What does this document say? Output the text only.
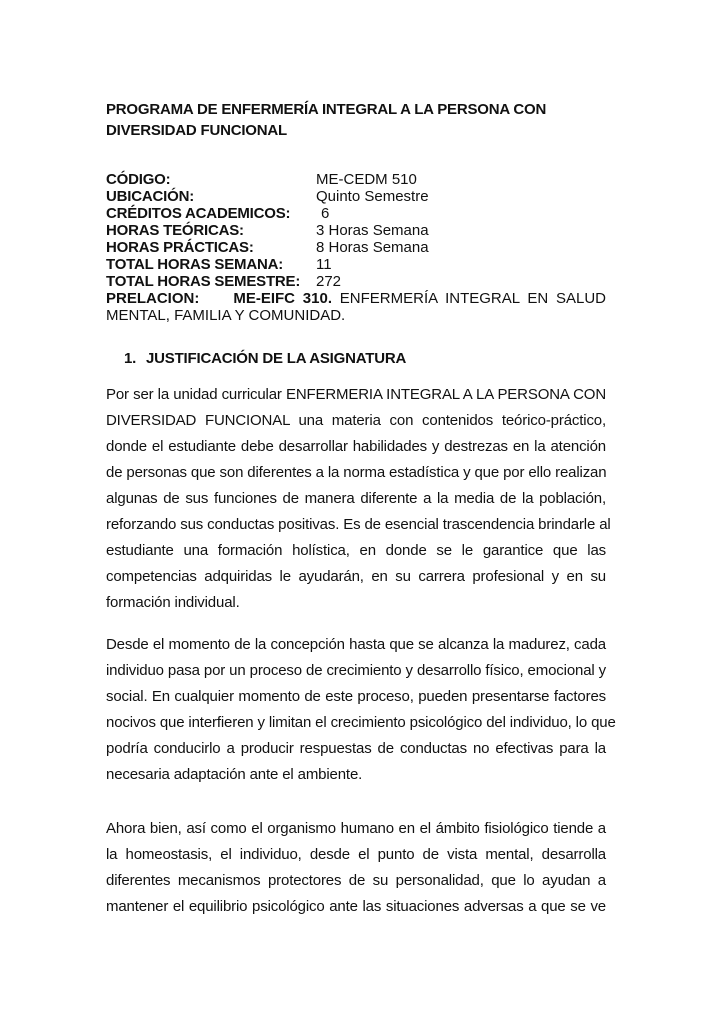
PROGRAMA DE ENFERMERÍA INTEGRAL A LA PERSONA CON DIVERSIDAD FUNCIONAL
CÓDIGO:	ME-CEDM 510
UBICACIÓN:	Quinto Semestre
CRÉDITOS ACADEMICOS: 6
HORAS TEÓRICAS:	3 Horas Semana
HORAS PRÁCTICAS:	8 Horas Semana
TOTAL HORAS SEMANA: 11
TOTAL HORAS SEMESTRE: 272
PRELACION: ME-EIFC 310. ENFERMERÍA INTEGRAL EN SALUD MENTAL, FAMILIA Y COMUNIDAD.
1. JUSTIFICACIÓN DE LA ASIGNATURA
Por ser la unidad curricular ENFERMERIA INTEGRAL A LA PERSONA CON
DIVERSIDAD FUNCIONAL una materia con contenidos teórico-práctico,
donde el estudiante debe desarrollar habilidades y destrezas en la atención
de personas que son diferentes a la norma estadística y que por ello realizan
algunas de sus funciones de manera diferente a la media de la población,
reforzando sus conductas positivas. Es de esencial trascendencia brindarle al
estudiante una formación holística, en donde se le garantice que las
competencias adquiridas le ayudarán, en su carrera profesional y en su
formación individual.
Desde el momento de la concepción hasta que se alcanza la madurez, cada
individuo pasa por un proceso de crecimiento y desarrollo físico, emocional y
social. En cualquier momento de este proceso, pueden presentarse factores
nocivos que interfieren y limitan el crecimiento psicológico del individuo, lo que
podría conducirlo a producir respuestas de conductas no efectivas para la
necesaria adaptación ante el ambiente.
Ahora bien, así como el organismo humano en el ámbito fisiológico tiende a
la homeostasis, el individuo, desde el punto de vista mental, desarrolla
diferentes mecanismos protectores de su personalidad, que lo ayudan a
mantener el equilibrio psicológico ante las situaciones adversas a que se ve
